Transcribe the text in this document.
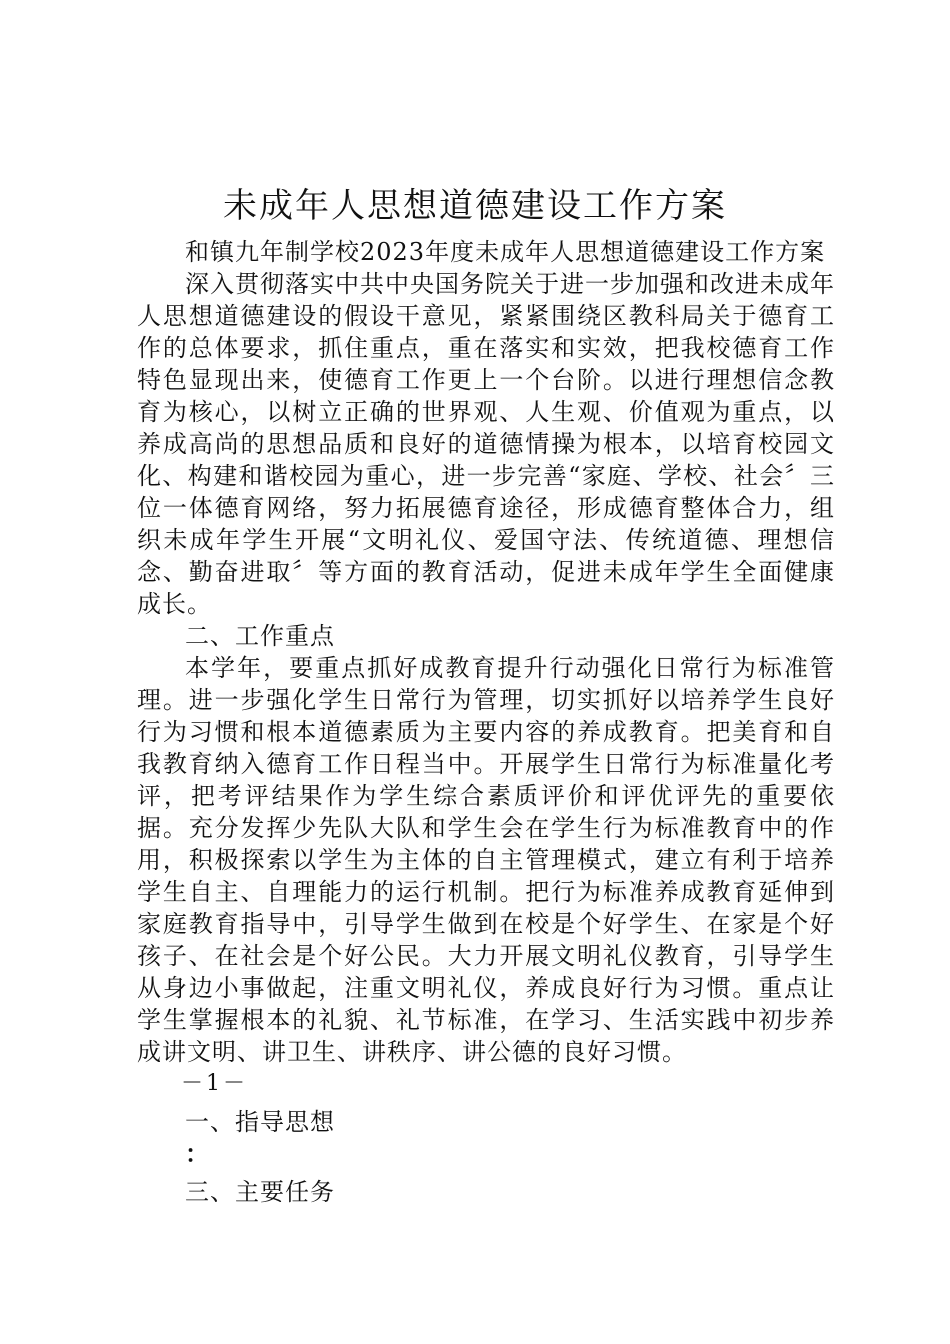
未成年人思想道德建设工作方案

和镇九年制学校2023年度未成年人思想道德建设工作方案

深入贯彻落实中共中央国务院关于进一步加强和改进未成年人思想道德建设的假设干意见，紧紧围绕区教科局关于德育工作的总体要求，抓住重点，重在落实和实效，把我校德育工作特色显现出来，使德育工作更上一个台阶。以进行理想信念教育为核心，以树立正确的世界观、人生观、价值观为重点，以养成高尚的思想品质和良好的道德情操为根本，以培育校园文化、构建和谐校园为重心，进一步完善“家庭、学校、社会〞三位一体德育网络，努力拓展德育途径，形成德育整体合力，组织未成年学生开展“文明礼仪、爱国守法、传统道德、理想信念、勤奋进取〞等方面的教育活动，促进未成年学生全面健康成长。

二、工作重点

本学年，要重点抓好成教育提升行动强化日常行为标准管理。进一步强化学生日常行为管理，切实抓好以培养学生良好行为习惯和根本道德素质为主要内容的养成教育。把美育和自我教育纳入德育工作日程当中。开展学生日常行为标准量化考评，把考评结果作为学生综合素质评价和评优评先的重要依据。充分发挥少先队大队和学生会在学生行为标准教育中的作用，积极探索以学生为主体的自主管理模式，建立有利于培养学生自主、自理能力的运行机制。把行为标准养成教育延伸到家庭教育指导中，引导学生做到在校是个好学生、在家是个好孩子、在社会是个好公民。大力开展文明礼仪教育，引导学生从身边小事做起，注重文明礼仪，养成良好行为习惯。重点让学生掌握根本的礼貌、礼节标准，在学习、生活实践中初步养成讲文明、讲卫生、讲秩序、讲公德的良好习惯。

－1－

一、指导思想

：

三、主要任务
